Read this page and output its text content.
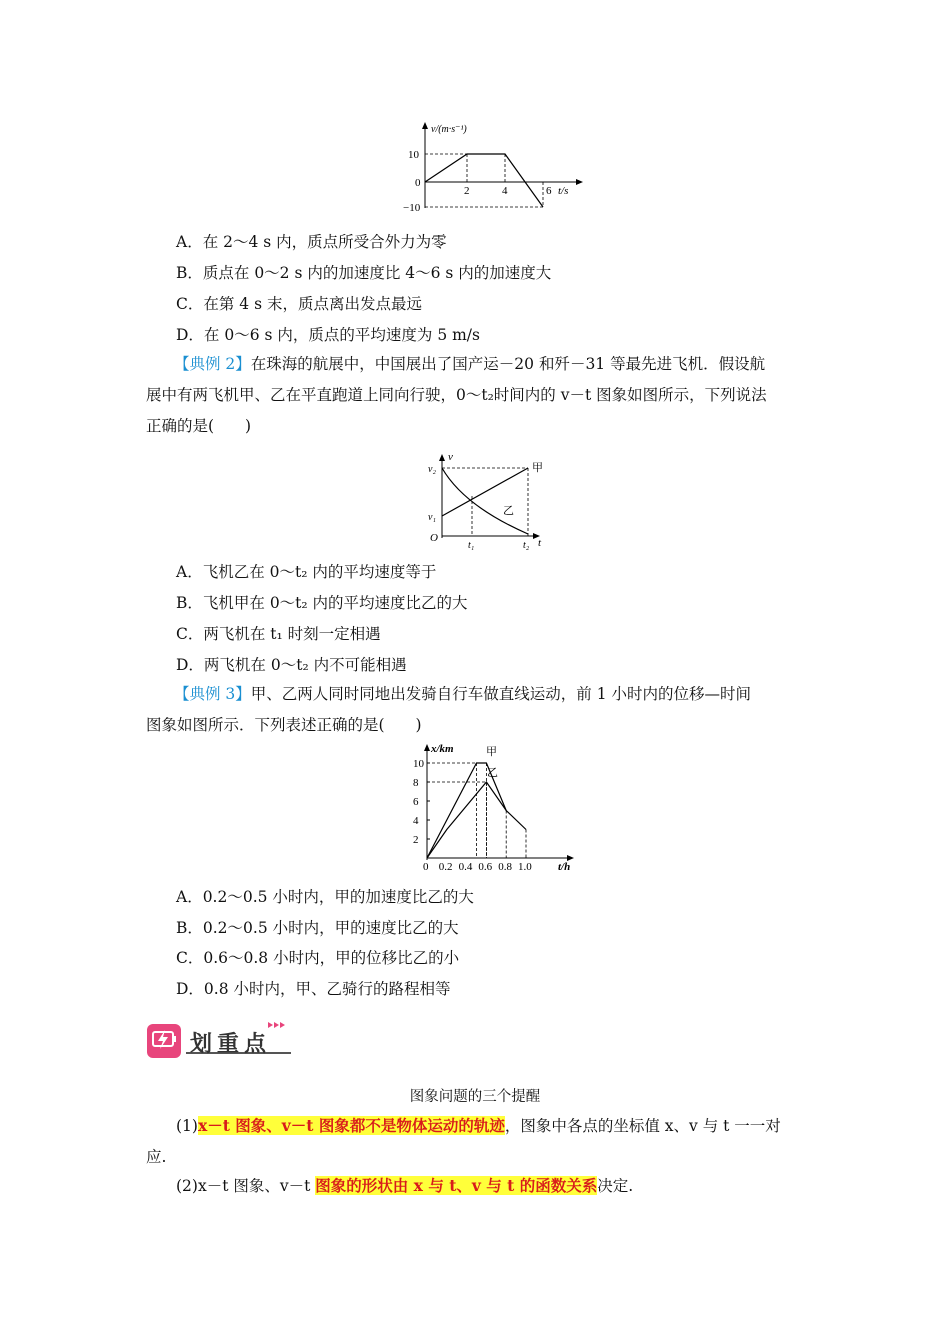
v/(m·s⁻¹)
10
−10
0
2	4	6 t/s
A．在 2～4 s 内，质点所受合外力为零
B．质点在 0～2 s 内的加速度比 4～6 s 内的加速度大
C．在第 4 s 末，质点离出发点最远
D．在 0～6 s 内，质点的平均速度为 5 m/s
【典例 2】在珠海的航展中，中国展出了国产运－20 和歼－31 等最先进飞机．假设航
展中有两飞机甲、乙在平直跑道上同向行驶，0～t₂时间内的 v－t 图象如图所示，下列说法
正确的是(　　)
v
v₂
v₁
O
t₁	t₂ t
甲
乙
A．飞机乙在 0～t₂ 内的平均速度等于
B．飞机甲在 0～t₂ 内的平均速度比乙的大
C．两飞机在 t₁ 时刻一定相遇
D．两飞机在 0～t₂ 内不可能相遇
【典例 3】甲、乙两人同时同地出发骑自行车做直线运动，前 1 小时内的位移—时间
图象如图所示．下列表述正确的是(　　)
10
8
6
4
2
0 0.2 0.4 0.6 0.8 1.0
x/km
t/h
甲
乙
A．0.2～0.5 小时内，甲的加速度比乙的大
B．0.2～0.5 小时内，甲的速度比乙的大
C．0.6～0.8 小时内，甲的位移比乙的小
D．0.8 小时内，甲、乙骑行的路程相等
划重点
图象问题的三个提醒
(1)x－t 图象、v－t 图象都不是物体运动的轨迹，图象中各点的坐标值 x、v 与 t 一一对
应.
(2)x－t 图象、v－t 图象的形状由 x 与 t、v 与 t 的函数关系决定.
